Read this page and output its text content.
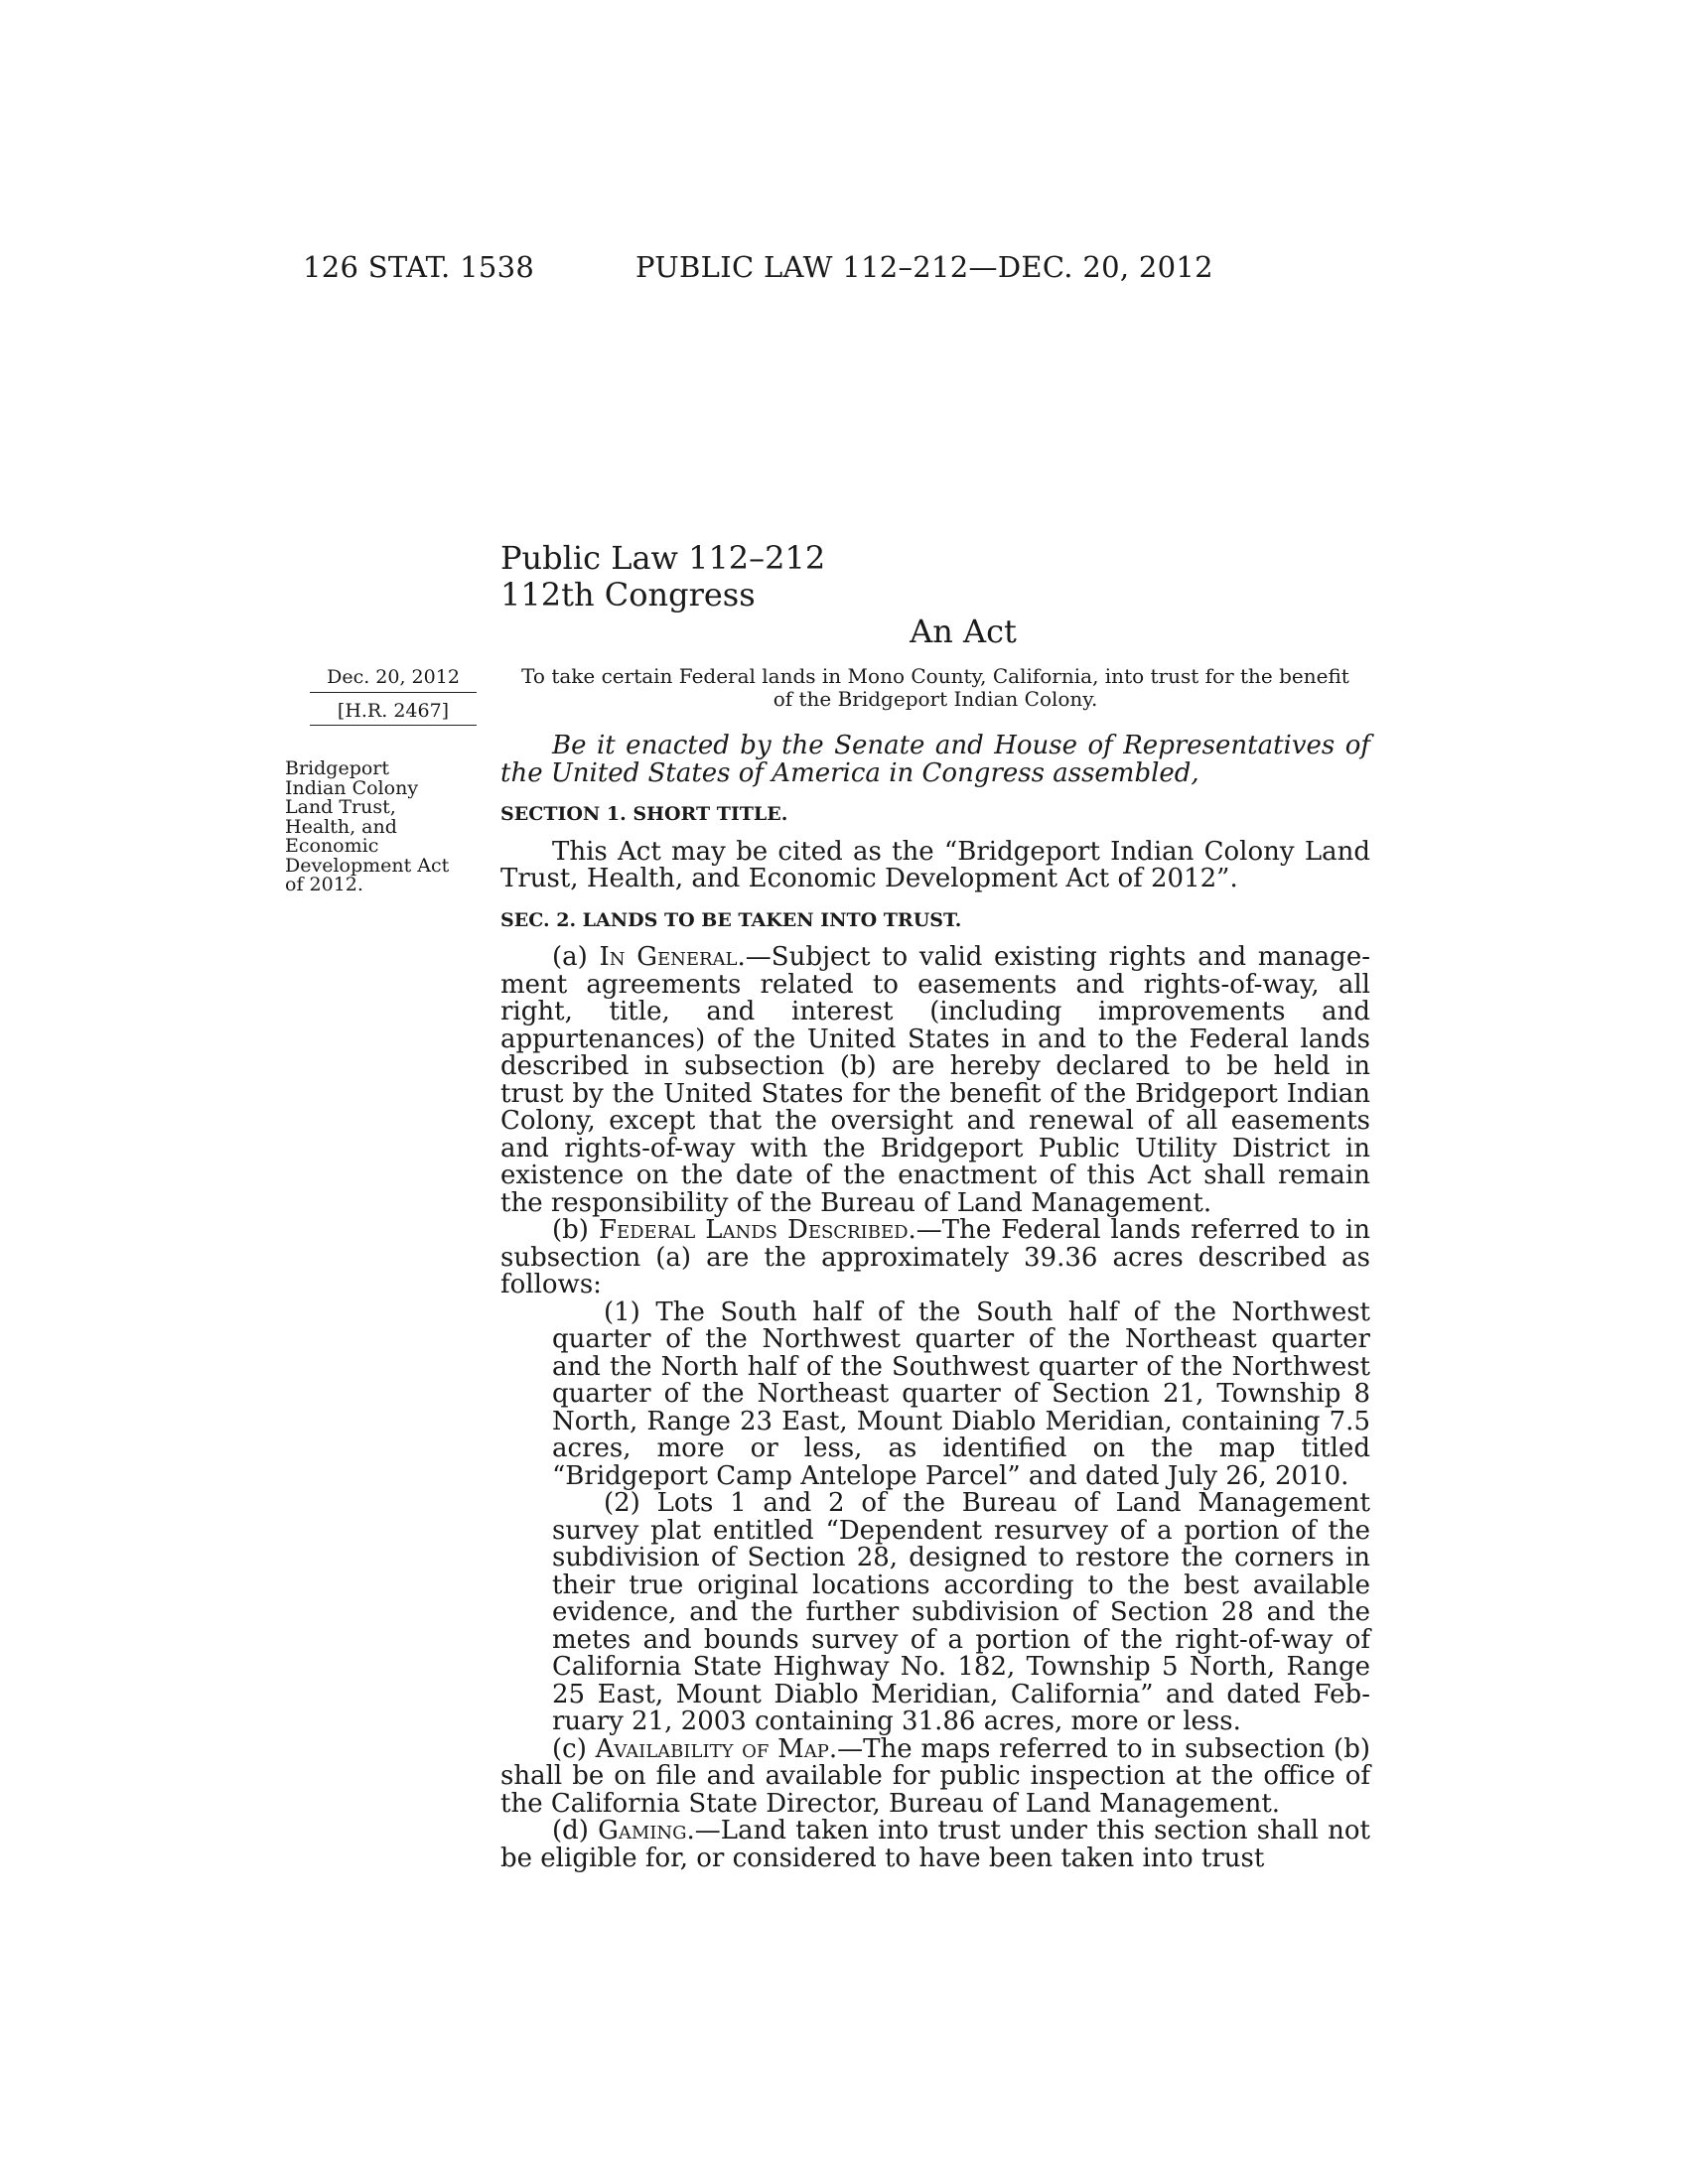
126 STAT. 1538	PUBLIC LAW 112–212—DEC. 20, 2012
Public Law 112–212
112th Congress
An Act
Dec. 20, 2012
[H.R. 2467]
Bridgeport
Indian Colony
Land Trust,
Health, and
Economic
Development Act
of 2012.
To take certain Federal lands in Mono County, California, into trust for the benefit
of the Bridgeport Indian Colony.

Be it enacted by the Senate and House of Representatives of the United States of America in Congress assembled,

SECTION 1. SHORT TITLE.

This Act may be cited as the “Bridgeport Indian Colony Land Trust, Health, and Economic Development Act of 2012”.

SEC. 2. LANDS TO BE TAKEN INTO TRUST.

(a) In General.—Subject to valid existing rights and management agreements related to easements and rights-of-way, all right, title, and interest (including improvements and appurtenances) of the United States in and to the Federal lands described in subsection (b) are hereby declared to be held in trust by the United States for the benefit of the Bridgeport Indian Colony, except that the oversight and renewal of all easements and rights-of-way with the Bridgeport Public Utility District in existence on the date of the enactment of this Act shall remain the responsibility of the Bureau of Land Management.

(b) Federal Lands Described.—The Federal lands referred to in subsection (a) are the approximately 39.36 acres described as follows:

(1) The South half of the South half of the Northwest quarter of the Northwest quarter of the Northeast quarter and the North half of the Southwest quarter of the Northwest quarter of the Northeast quarter of Section 21, Township 8 North, Range 23 East, Mount Diablo Meridian, containing 7.5 acres, more or less, as identified on the map titled “Bridgeport Camp Antelope Parcel” and dated July 26, 2010.

(2) Lots 1 and 2 of the Bureau of Land Management survey plat entitled “Dependent resurvey of a portion of the subdivision of Section 28, designed to restore the corners in their true original locations according to the best available evidence, and the further subdivision of Section 28 and the metes and bounds survey of a portion of the right-of-way of California State Highway No. 182, Township 5 North, Range 25 East, Mount Diablo Meridian, California” and dated February 21, 2003 containing 31.86 acres, more or less.

(c) Availability of Map.—The maps referred to in subsection (b) shall be on file and available for public inspection at the office of the California State Director, Bureau of Land Management.

(d) Gaming.—Land taken into trust under this section shall not be eligible for, or considered to have been taken into trust
